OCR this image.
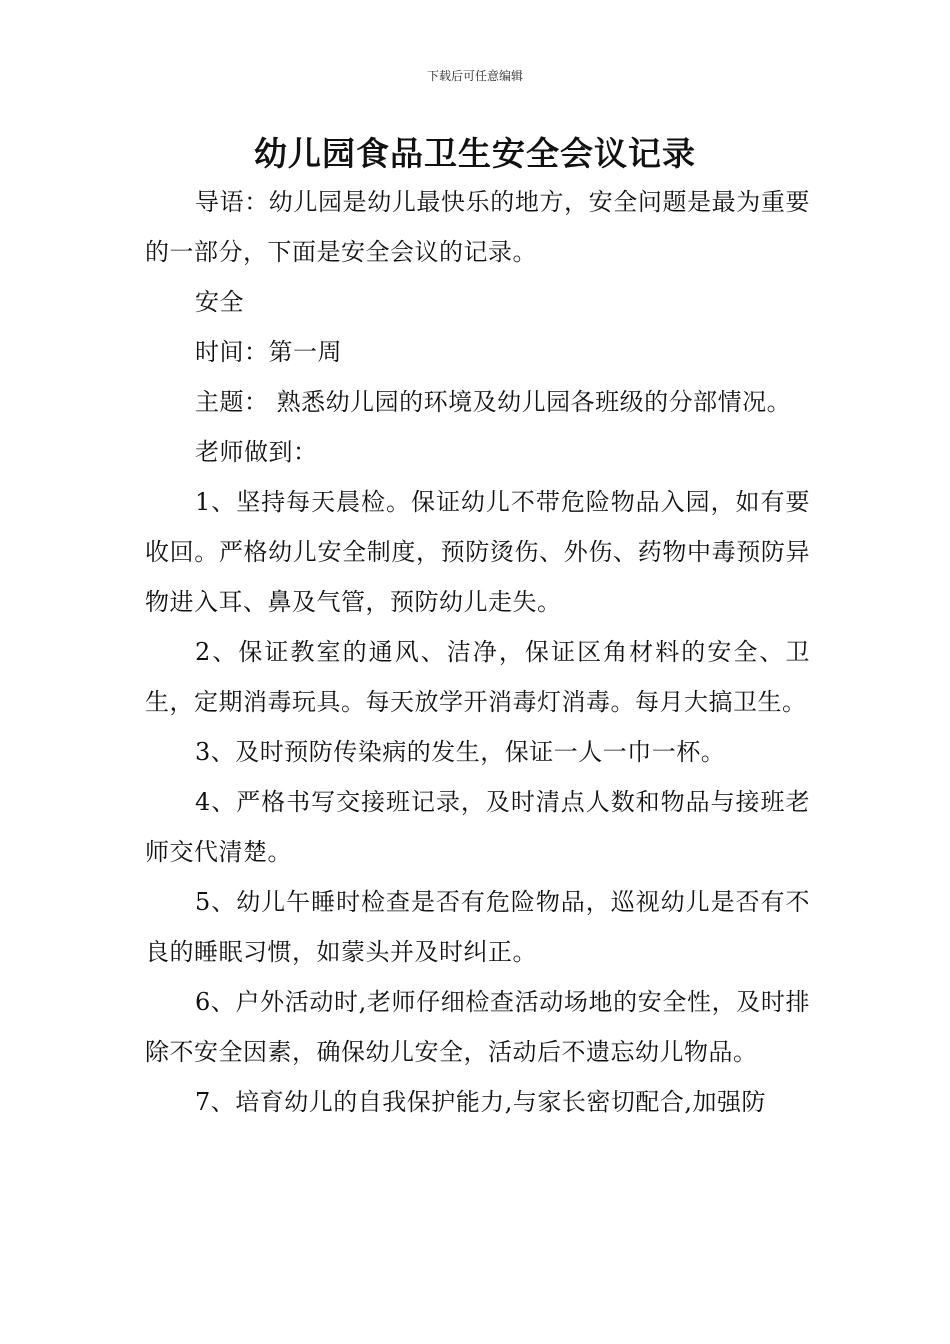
下载后可任意编辑
幼儿园食品卫生安全会议记录

导语：幼儿园是幼儿最快乐的地方，安全问题是最为重要的一部分，下面是安全会议的记录。

安全

时间：第一周

主题： 熟悉幼儿园的环境及幼儿园各班级的分部情况。

老师做到：

1、坚持每天晨检。保证幼儿不带危险物品入园，如有要收回。严格幼儿安全制度，预防烫伤、外伤、药物中毒预防异物进入耳、鼻及气管，预防幼儿走失。

2、保证教室的通风、洁净，保证区角材料的安全、卫生，定期消毒玩具。每天放学开消毒灯消毒。每月大搞卫生。

3、及时预防传染病的发生，保证一人一巾一杯。

4、严格书写交接班记录，及时清点人数和物品与接班老师交代清楚。

5、幼儿午睡时检查是否有危险物品，巡视幼儿是否有不良的睡眠习惯，如蒙头并及时纠正。

6、户外活动时,老师仔细检查活动场地的安全性，及时排除不安全因素，确保幼儿安全，活动后不遗忘幼儿物品。

7、培育幼儿的自我保护能力,与家长密切配合,加强防
